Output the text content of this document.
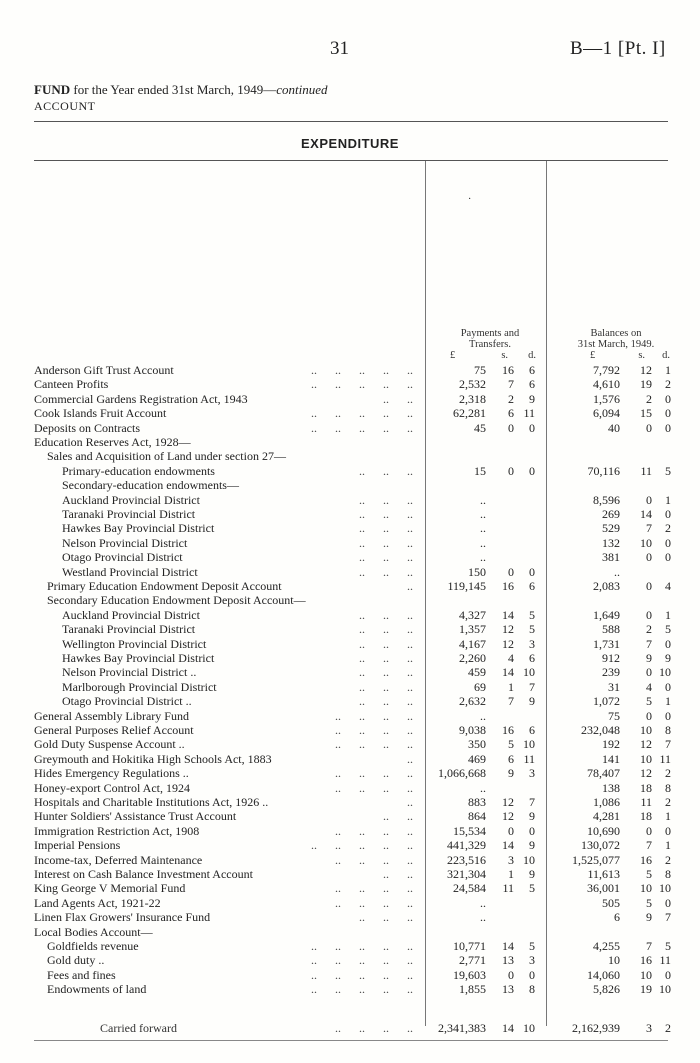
31	B—1 [Pt. I]
FUND for the Year ended 31st March, 1949—continued
ACCOUNT
EXPENDITURE
·
Payments and
Transfers.
£	s. d.
Balances on
31st March, 1949.
£	s. d.
Anderson Gift Trust Account	..      ..      ..      ..      ..	75	16	6	7,792	12	1
Canteen Profits	..      ..      ..      ..      ..	2,532	7	6	4,610	19	2
Commercial Gardens Registration Act, 1943	..      ..	2,318	2	9	1,576	2	0
Cook Islands Fruit Account	..      ..      ..      ..      ..	62,281	6 11	6,094	15	0
Deposits on Contracts	..      ..      ..      ..      ..	45	0	0	40	0	0
Education Reserves Act, 1928—
Sales and Acquisition of Land under section 27—
Primary-education endowments	..      ..      ..	15	0	0	70,116	11	5
Secondary-education endowments—
Auckland Provincial District	..      ..      ..	..	8,596	0	1
Taranaki Provincial District	..      ..      ..	..	269	14	0
Hawkes Bay Provincial District	..      ..      ..	..	529	7	2
Nelson Provincial District	..      ..      ..	..	132	10	0
Otago Provincial District	..      ..      ..	..	381	0	0
Westland Provincial District	..      ..      ..	150	0	0	..
Primary Education Endowment Deposit Account	..	119,145	16	6	2,083	0	4
Secondary Education Endowment Deposit Account—
Auckland Provincial District	..      ..      ..	4,327	14	5	1,649	0	1
Taranaki Provincial District	..      ..      ..	1,357	12	5	588	2	5
Wellington Provincial District	..      ..      ..	4,167	12	3	1,731	7	0
Hawkes Bay Provincial District	..      ..      ..	2,260	4	6	912	9	9
Nelson Provincial District ..	..      ..      ..	459	14 10	239	0 10
Marlborough Provincial District	..      ..      ..	69	1	7	31	4	0
Otago Provincial District ..	..      ..      ..	2,632	7	9	1,072	5	1
General Assembly Library Fund	..      ..      ..      ..	..	75	0	0
General Purposes Relief Account	..      ..      ..      ..	9,038	16	6	232,048	10	8
Gold Duty Suspense Account ..	..      ..      ..      ..	350	5 10	192	12	7
Greymouth and Hokitika High Schools Act, 1883	..	469	6 11	141	10 11
Hides Emergency Regulations ..	..      ..      ..      .. 1,066,668	9	3	78,407	12	2
Honey-export Control Act, 1924	..      ..      ..      ..	..	138	18	8
Hospitals and Charitable Institutions Act, 1926 ..	..	883	12	7	1,086	11	2
Hunter Soldiers' Assistance Trust Account	..      ..	864	12	9	4,281	18	1
Immigration Restriction Act, 1908	..      ..      ..      ..	15,534	0	0	10,690	0	0
Imperial Pensions	..      ..      ..      ..      ..	441,329	14	9	130,072	7	1
Income-tax, Deferred Maintenance	..      ..      ..      ..	223,516	3 10	1,525,077	16	2
Interest on Cash Balance Investment Account	..      ..	321,304	1	9	11,613	5	8
King George V Memorial Fund	..      ..      ..      ..	24,584	11	5	36,001	10 10
Land Agents Act, 1921-22	..      ..      ..      ..	..	505	5	0
Linen Flax Growers' Insurance Fund	..      ..      ..	..	6	9	7
Local Bodies Account—
Goldfields revenue	..      ..      ..      ..      ..	10,771	14	5	4,255	7	5
Gold duty ..	..      ..      ..      ..      ..	2,771	13	3	10	16 11
Fees and fines	..      ..      ..      ..      ..	19,603	0	0	14,060	10	0
Endowments of land	..      ..      ..      ..      ..	1,855	13	8	5,826	19 10
Carried forward	..      ..      ..      .. 2,341,383	14 10	2,162,939	3	2
